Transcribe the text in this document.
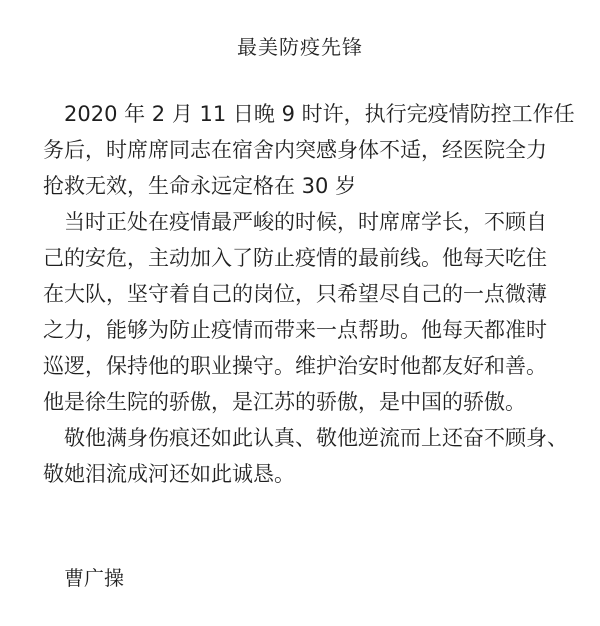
最美防疫先锋

2020 年 2 月 11 日晚 9 时许，执行完疫情防控工作任
务后，时席席同志在宿舍内突感身体不适，经医院全力
抢救无效，生命永远定格在 30 岁

当时正处在疫情最严峻的时候，时席席学长，不顾自
己的安危，主动加入了防止疫情的最前线。他每天吃住
在大队，坚守着自己的岗位，只希望尽自己的一点微薄
之力，能够为防止疫情而带来一点帮助。他每天都准时
巡逻，保持他的职业操守。维护治安时他都友好和善。
他是徐生院的骄傲，是江苏的骄傲，是中国的骄傲。

敬他满身伤痕还如此认真、敬他逆流而上还奋不顾身、
敬她泪流成河还如此诚恳。

曹广操
